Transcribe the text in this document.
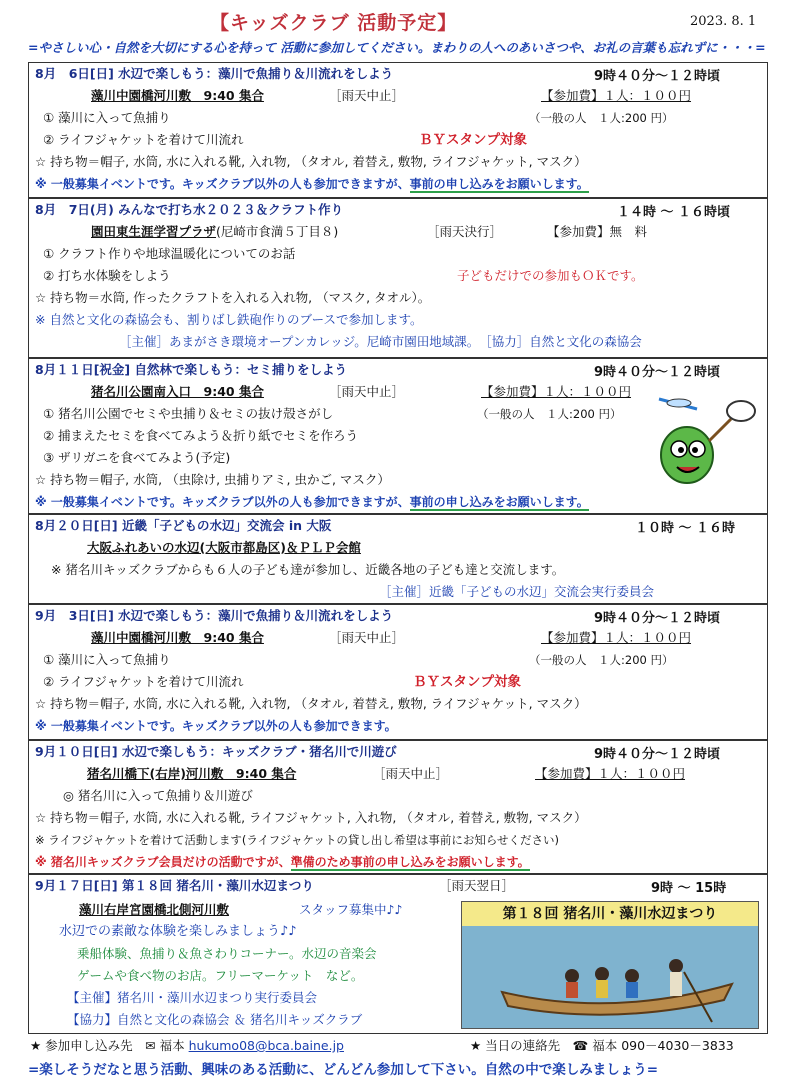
【キッズクラブ 活動予定】	2023. 8. 1
=やさしい心・自然を大切にする心を持って 活動に参加してください。まわりの人へのあいさつや、お礼の言葉も忘れずに・・・=
8月　6日[日] 水辺で楽しもう：藻川で魚捕り＆川流れをしよう	9時４０分～１２時頃
藻川中園橋河川敷　9:40 集合	［雨天中止］	【参加費】１人：１００円
（一般の人　１人:200 円）
① 藻川に入って魚捕り
② ライフジャケットを着けて川流れ	ＢＹスタンプ対象
☆ 持ち物＝帽子, 水筒, 水に入れる靴, 入れ物, （タオル, 着替え, 敷物, ライフジャケット, マスク）
※ 一般募集イベントです。キッズクラブ以外の人も参加できますが、事前の申し込みをお願いします。
8月　7日(月) みんなで打ち水２０２３＆クラフト作り	１４時 ～ １６時頃
園田東生涯学習プラザ(尼崎市食満５丁目８)	［雨天決行］	【参加費】無　料
① クラフト作りや地球温暖化についてのお話
② 打ち水体験をしよう	子どもだけでの参加もＯＫです。
☆ 持ち物＝水筒, 作ったクラフトを入れる入れ物, （マスク, タオル）。
※ 自然と文化の森協会も、割りばし鉄砲作りのブースで参加します。
［主催］あまがさき環境オープンカレッジ。尼崎市園田地域課。　［協力］自然と文化の森協会
8月１１日[祝金] 自然林で楽しもう：セミ捕りをしよう	9時４０分～１２時頃
猪名川公園南入口　9:40 集合	［雨天中止］	【参加費】１人：１００円
（一般の人　１人:200 円）
① 猪名川公園でセミや虫捕り＆セミの抜け殻さがし
② 捕まえたセミを食べてみよう＆折り紙でセミを作ろう
③ ザリガニを食べてみよう(予定)
☆ 持ち物＝帽子, 水筒, （虫除け, 虫捕りアミ, 虫かご, マスク）
※ 一般募集イベントです。キッズクラブ以外の人も参加できますが、事前の申し込みをお願いします。
8月２０日[日] 近畿「子どもの水辺」交流会 in 大阪	１０時 ～ １６時
大阪ふれあいの水辺(大阪市都島区)＆ＰＬＰ会館
※ 猪名川キッズクラブからも６人の子ども達が参加し、近畿各地の子ども達と交流します。
［主催］近畿「子どもの水辺」交流会実行委員会
9月　3日[日] 水辺で楽しもう：藻川で魚捕り＆川流れをしよう	9時４０分～１２時頃
藻川中園橋河川敷　9:40 集合	［雨天中止］	【参加費】１人：１００円
（一般の人　１人:200 円）
① 藻川に入って魚捕り
② ライフジャケットを着けて川流れ	ＢＹスタンプ対象
☆ 持ち物＝帽子, 水筒, 水に入れる靴, 入れ物, （タオル, 着替え, 敷物, ライフジャケット, マスク）
※ 一般募集イベントです。キッズクラブ以外の人も参加できます。
9月１０日[日] 水辺で楽しもう：キッズクラブ・猪名川で川遊び	9時４０分～１２時頃
猪名川橋下(右岸)河川敷　9:40 集合	［雨天中止］	【参加費】１人：１００円
◎ 猪名川に入って魚捕り＆川遊び
☆ 持ち物＝帽子, 水筒, 水に入れる靴, ライフジャケット, 入れ物, （タオル, 着替え, 敷物, マスク）
※ ライフジャケットを着けて活動します(ライフジャケットの貸し出し希望は事前にお知らせください)
※ 猪名川キッズクラブ会員だけの活動ですが、準備のため事前の申し込みをお願いします。
9月１７日[日] 第１８回 猪名川・藻川水辺まつり	［雨天翌日］	9時 ～ 15時
藻川右岸宮園橋北側河川敷	スタッフ募集中♪♪
水辺での素敵な体験を楽しみましょう♪♪
乗船体験、魚捕り＆魚さわりコーナー。水辺の音楽会
ゲームや食べ物のお店。フリーマーケット　など。
【主催】猪名川・藻川水辺まつり実行委員会
【協力】自然と文化の森協会 ＆ 猪名川キッズクラブ
第１８回 猪名川・藻川水辺まつり
★ 参加申し込み先　✉ 福本 hukumo08@bca.baine.jp	★ 当日の連絡先　☎ 福本 090－4030－3833
=楽しそうだなと思う活動、興味のある活動に、どんどん参加して下さい。自然の中で楽しみましょう=
